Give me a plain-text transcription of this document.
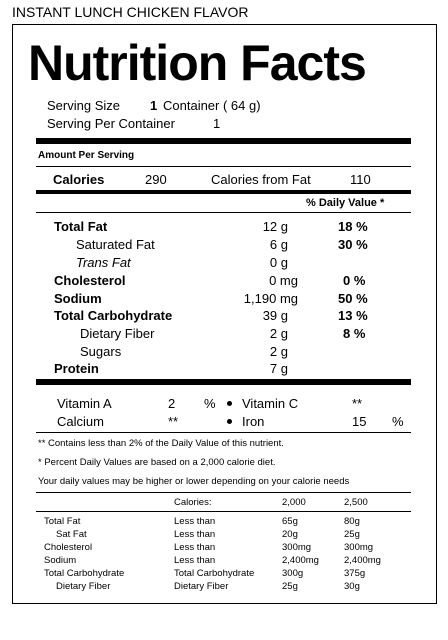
INSTANT LUNCH CHICKEN FLAVOR
Nutrition Facts
Serving Size 1 Container ( 64 g)
Serving Per Container	1
Amount Per Serving
Calories	290	Calories from Fat	110
% Daily Value *
Total Fat	12 g	18 %
Saturated Fat	6 g	30 %
Trans Fat	0 g
Cholesterol	0 mg	0 %
Sodium	1,190 mg	50 %
Total Carbohydrate	39 g	13 %
Dietary Fiber	2 g	8 %
Sugars	2 g
Protein	7 g
Vitamin A	2 % Vitamin C	**
Calcium	**	Iron	15 %
** Contains less than 2% of the Daily Value of this nutrient.
* Percent Daily Values are based on a 2,000 calorie diet.
Your daily values may be higher or lower depending on your calorie needs
Calories:	2,000	2,500
Total Fat	Less than	65g	80g
Sat Fat	Less than	20g	25g
Cholesterol	Less than	300mg	300mg
Sodium	Less than	2,400mg	2,400mg
Total Carbohydrate	Total Carbohydrate	300g	375g
Dietary Fiber	Dietary Fiber	25g	30g
